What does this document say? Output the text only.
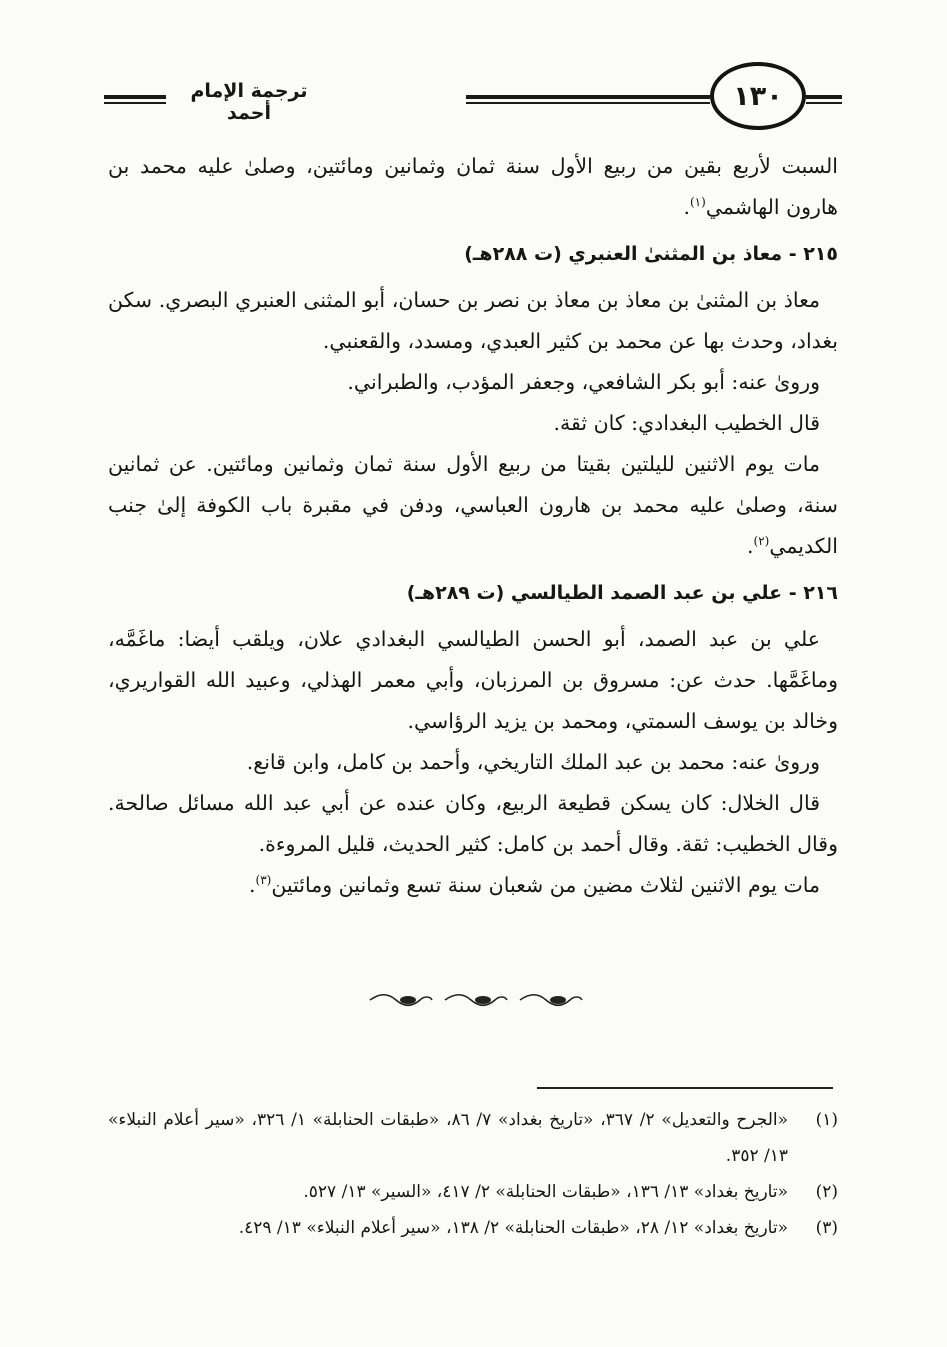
١٣٠
ترجمة الإمام أحمد

السبت لأربع بقين من ربيع الأول سنة ثمان وثمانين ومائتين، وصلىٰ عليه محمد بن هارون الهاشمي$^{(١)}$.

٢١٥ - معاذ بن المثنىٰ العنبري (ت ٢٨٨هـ)

معاذ بن المثنىٰ بن معاذ بن معاذ بن نصر بن حسان، أبو المثنى العنبري البصري. سكن بغداد، وحدث بها عن محمد بن كثير العبدي، ومسدد، والقعنبي.

وروىٰ عنه: أبو بكر الشافعي، وجعفر المؤدب، والطبراني.

قال الخطيب البغدادي: كان ثقة.

مات يوم الاثنين لليلتين بقيتا من ربيع الأول سنة ثمان وثمانين ومائتين. عن ثمانين سنة، وصلىٰ عليه محمد بن هارون العباسي، ودفن في مقبرة باب الكوفة إلىٰ جنب الكديمي$^{(٢)}$.

٢١٦ - علي بن عبد الصمد الطيالسي (ت ٢٨٩هـ)

علي بن عبد الصمد، أبو الحسن الطيالسي البغدادي علان، ويلقب أيضا: ماغَمَّه، وماغَمَّها. حدث عن: مسروق بن المرزبان، وأبي معمر الهذلي، وعبيد الله القواريري، وخالد بن يوسف السمتي، ومحمد بن يزيد الرؤاسي.

وروىٰ عنه: محمد بن عبد الملك التاريخي، وأحمد بن كامل، وابن قانع.

قال الخلال: كان يسكن قطيعة الربيع، وكان عنده عن أبي عبد الله مسائل صالحة. وقال الخطيب: ثقة. وقال أحمد بن كامل: كثير الحديث، قليل المروءة.

مات يوم الاثنين لثلاث مضين من شعبان سنة تسع وثمانين ومائتين$^{(٣)}$.

(١)
«الجرح والتعديل» ٢/ ٣٦٧، «تاريخ بغداد» ٧/ ٨٦، «طبقات الحنابلة» ١/ ٣٢٦، «سير أعلام النبلاء» ١٣/ ٣٥٢.

(٢)
«تاريخ بغداد» ١٣/ ١٣٦، «طبقات الحنابلة» ٢/ ٤١٧، «السير» ١٣/ ٥٢٧.

(٣)
«تاريخ بغداد» ١٢/ ٢٨، «طبقات الحنابلة» ٢/ ١٣٨، «سير أعلام النبلاء» ١٣/ ٤٢٩.
